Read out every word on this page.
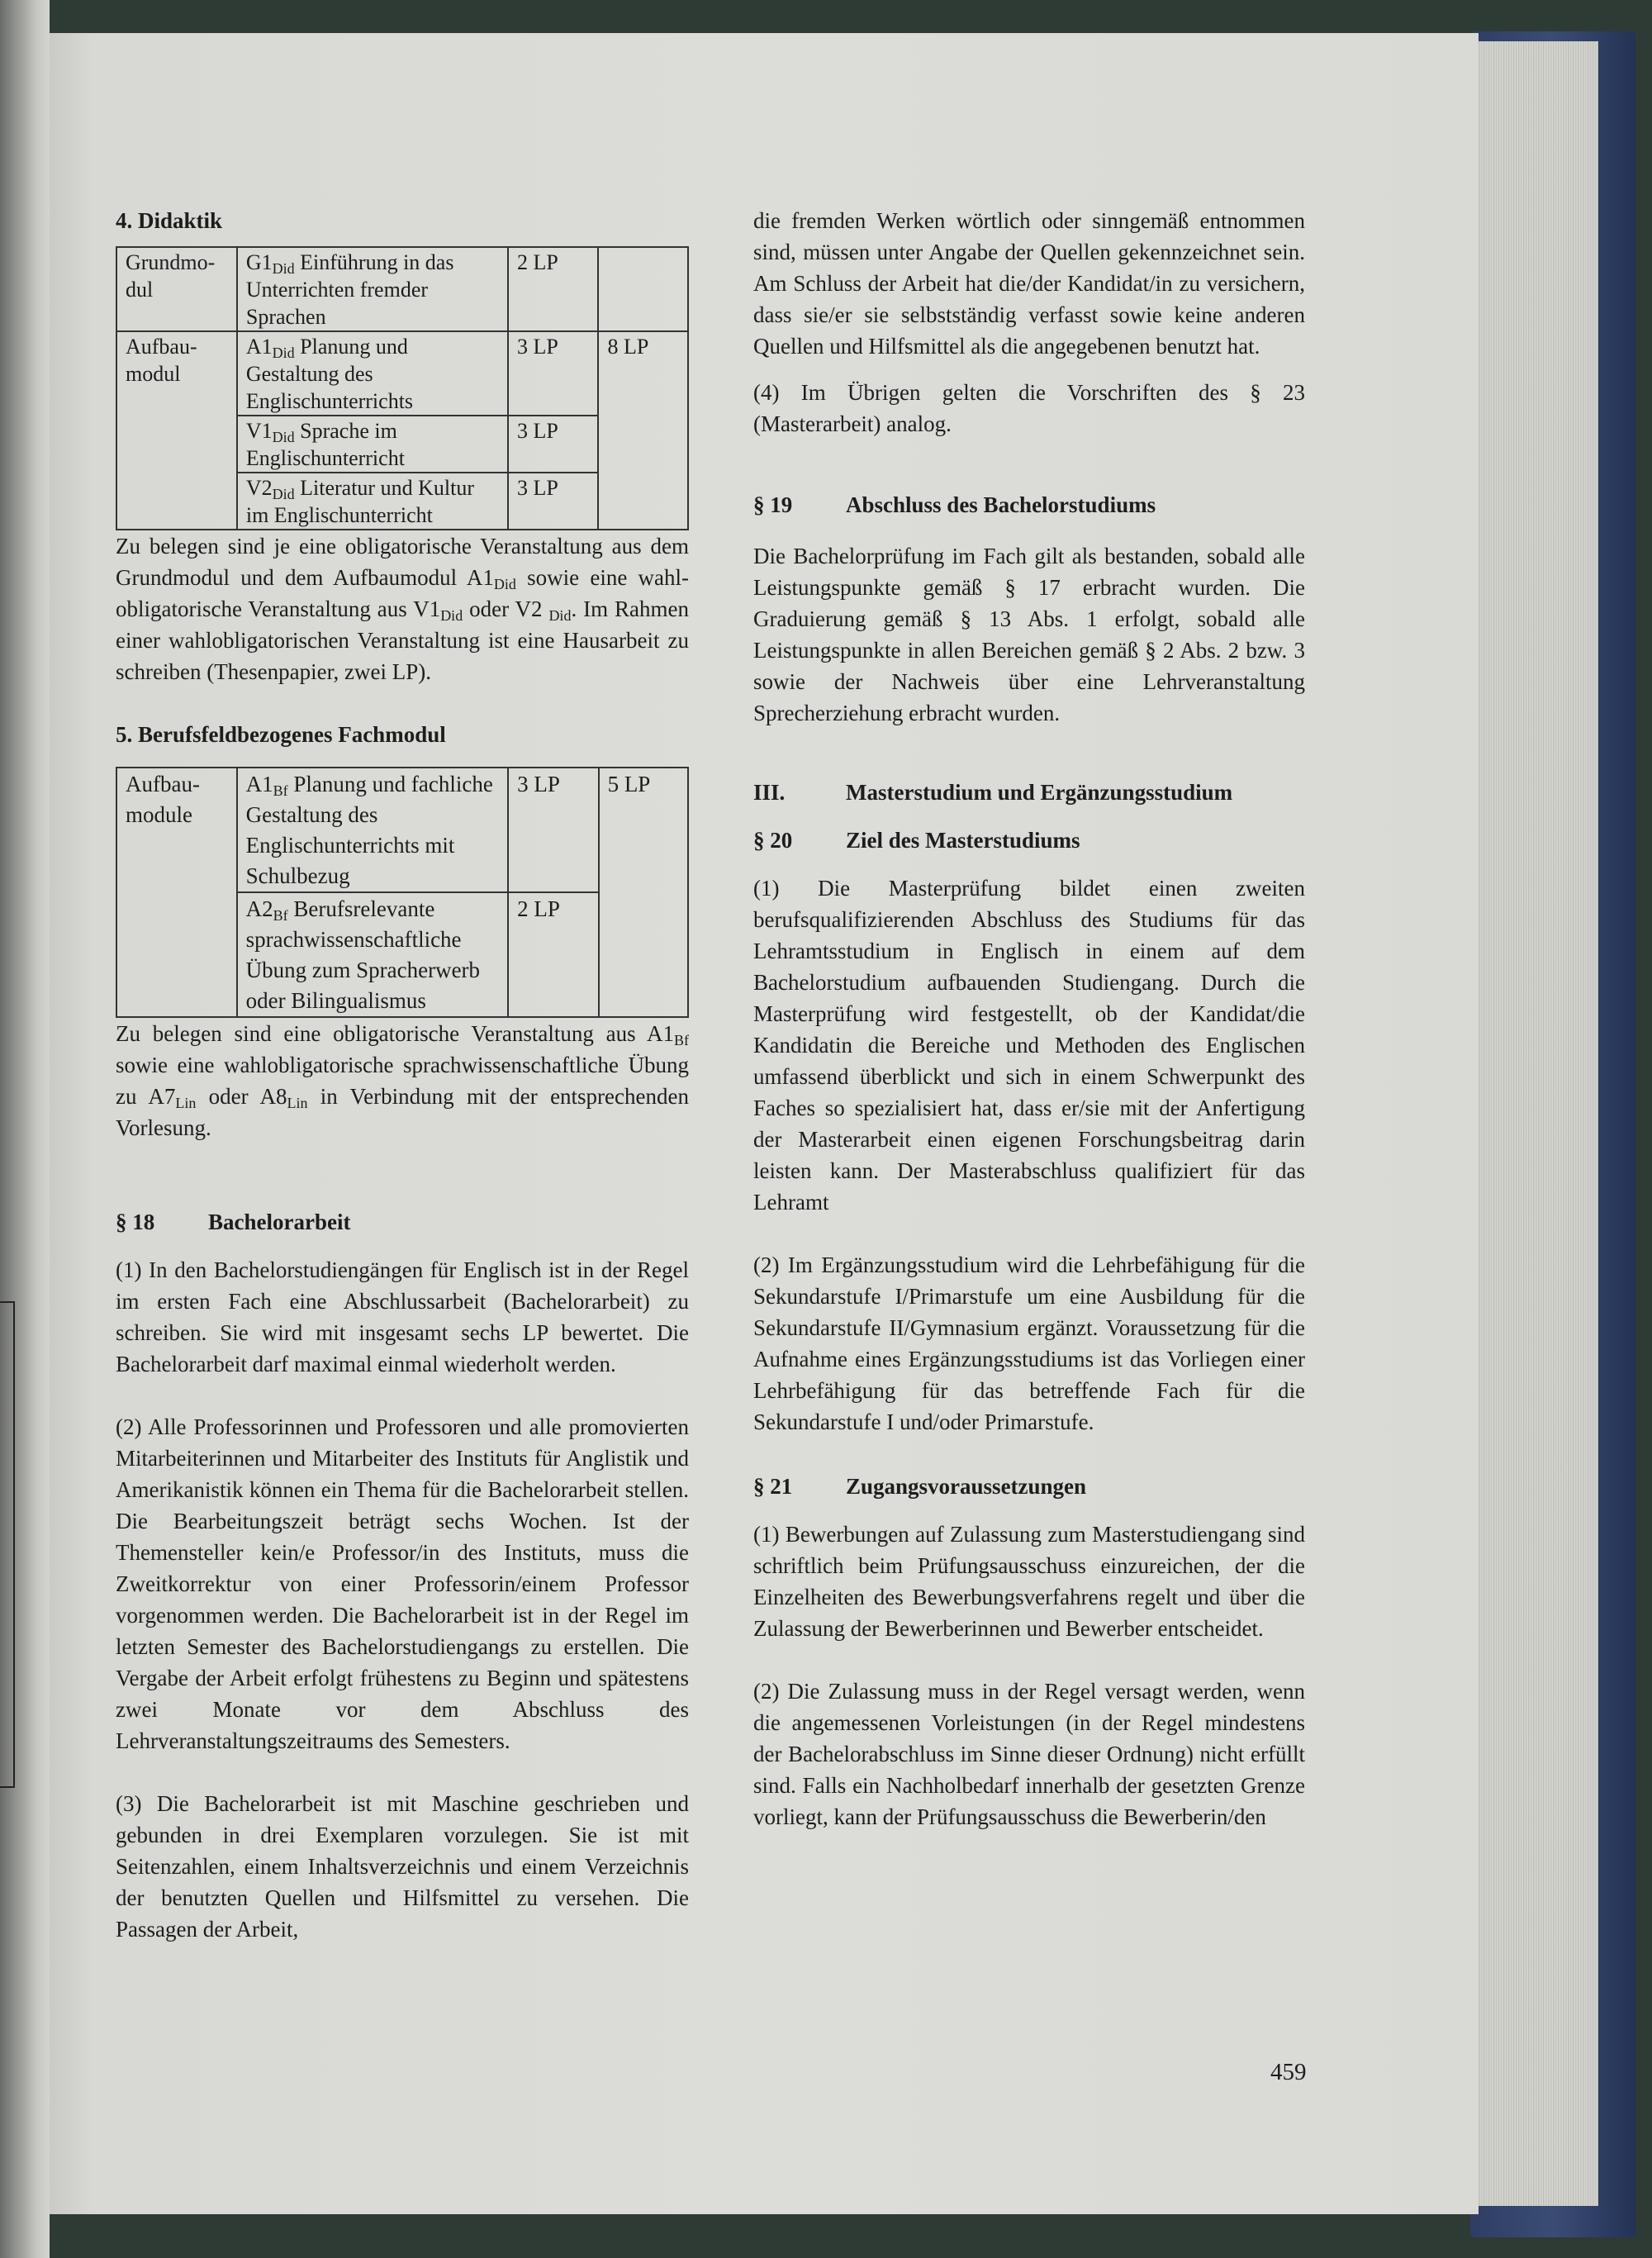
4. Didaktik
Grundmo-dul	$G1_{Did}$ Einführung in das Unterrichten fremder Sprachen	2 LP	
Aufbau-modul	$A1_{Did}$ Planung und Gestaltung des Englischunterrichts	3 LP	8 LP
	$V1_{Did}$ Sprache im Englischunterricht	3 LP	
	$V2_{Did}$ Literatur und Kultur im Englischunterricht	3 LP	

Zu belegen sind je eine obligatorische Veranstaltung aus dem Grundmodul und dem Aufbaumodul $A1_{Did}$ sowie eine wahl-obligatorische Veranstaltung aus $V1_{Did}$ oder V2 $_{Did}$. Im Rahmen einer wahlobligatorischen Veranstaltung ist eine Hausarbeit zu schreiben (Thesenpapier, zwei LP).

5. Berufsfeldbezogenes Fachmodul
Aufbau-module	$A1_{Bf}$ Planung und fachliche Gestaltung des Englischunterrichts mit Schulbezug	3 LP	5 LP
	$A2_{Bf}$ Berufsrelevante sprachwissenschaftliche Übung zum Spracherwerb oder Bilingualismus	2 LP	

Zu belegen sind eine obligatorische Veranstaltung aus $A1_{Bf}$ sowie eine wahlobligatorische sprachwissenschaftliche Übung zu $A7_{Lin}$ oder $A8_{Lin}$ in Verbindung mit der entsprechenden Vorlesung.

§ 18	Bachelorarbeit

(1) In den Bachelorstudiengängen für Englisch ist in der Regel im ersten Fach eine Abschlussarbeit (Bachelorarbeit) zu schreiben. Sie wird mit insgesamt sechs LP bewertet. Die Bachelorarbeit darf maximal einmal wiederholt werden.

(2) Alle Professorinnen und Professoren und alle promovierten Mitarbeiterinnen und Mitarbeiter des Instituts für Anglistik und Amerikanistik können ein Thema für die Bachelorarbeit stellen. Die Bearbeitungszeit beträgt sechs Wochen. Ist der Themensteller kein/e Professor/in des Instituts, muss die Zweitkorrektur von einer Professorin/einem Professor vorgenommen werden. Die Bachelorarbeit ist in der Regel im letzten Semester des Bachelorstudiengangs zu erstellen. Die Vergabe der Arbeit erfolgt frühestens zu Beginn und spätestens zwei Monate vor dem Abschluss des Lehrveranstaltungszeitraums des Semesters.

(3) Die Bachelorarbeit ist mit Maschine geschrieben und gebunden in drei Exemplaren vorzulegen. Sie ist mit Seitenzahlen, einem Inhaltsverzeichnis und einem Verzeichnis der benutzten Quellen und Hilfsmittel zu versehen. Die Passagen der Arbeit,

die fremden Werken wörtlich oder sinngemäß entnommen sind, müssen unter Angabe der Quellen gekennzeichnet sein. Am Schluss der Arbeit hat die/der Kandidat/in zu versichern, dass sie/er sie selbstständig verfasst sowie keine anderen Quellen und Hilfsmittel als die angegebenen benutzt hat.

(4) Im Übrigen gelten die Vorschriften des § 23 (Masterarbeit) analog.

§ 19	Abschluss des Bachelorstudiums

Die Bachelorprüfung im Fach gilt als bestanden, sobald alle Leistungspunkte gemäß § 17 erbracht wurden. Die Graduierung gemäß § 13 Abs. 1 erfolgt, sobald alle Leistungspunkte in allen Bereichen gemäß § 2 Abs. 2 bzw. 3 sowie der Nachweis über eine Lehrveranstaltung Sprecherziehung erbracht wurden.

III.	Masterstudium und Ergänzungsstudium
§ 20	Ziel des Masterstudiums

(1) Die Masterprüfung bildet einen zweiten berufsqualifizierenden Abschluss des Studiums für das Lehramtsstudium in Englisch in einem auf dem Bachelorstudium aufbauenden Studiengang. Durch die Masterprüfung wird festgestellt, ob der Kandidat/die Kandidatin die Bereiche und Methoden des Englischen umfassend überblickt und sich in einem Schwerpunkt des Faches so spezialisiert hat, dass er/sie mit der Anfertigung der Masterarbeit einen eigenen Forschungsbeitrag darin leisten kann. Der Masterabschluss qualifiziert für das Lehramt

(2) Im Ergänzungsstudium wird die Lehrbefähigung für die Sekundarstufe I/Primarstufe um eine Ausbildung für die Sekundarstufe II/Gymnasium ergänzt. Voraussetzung für die Aufnahme eines Ergänzungsstudiums ist das Vorliegen einer Lehrbefähigung für das betreffende Fach für die Sekundarstufe I und/oder Primarstufe.

§ 21	Zugangsvoraussetzungen

(1) Bewerbungen auf Zulassung zum Masterstudiengang sind schriftlich beim Prüfungsausschuss einzureichen, der die Einzelheiten des Bewerbungsverfahrens regelt und über die Zulassung der Bewerberinnen und Bewerber entscheidet.

(2) Die Zulassung muss in der Regel versagt werden, wenn die angemessenen Vorleistungen (in der Regel mindestens der Bachelorabschluss im Sinne dieser Ordnung) nicht erfüllt sind. Falls ein Nachholbedarf innerhalb der gesetzten Grenze vorliegt, kann der Prüfungsausschuss die Bewerberin/den

459
